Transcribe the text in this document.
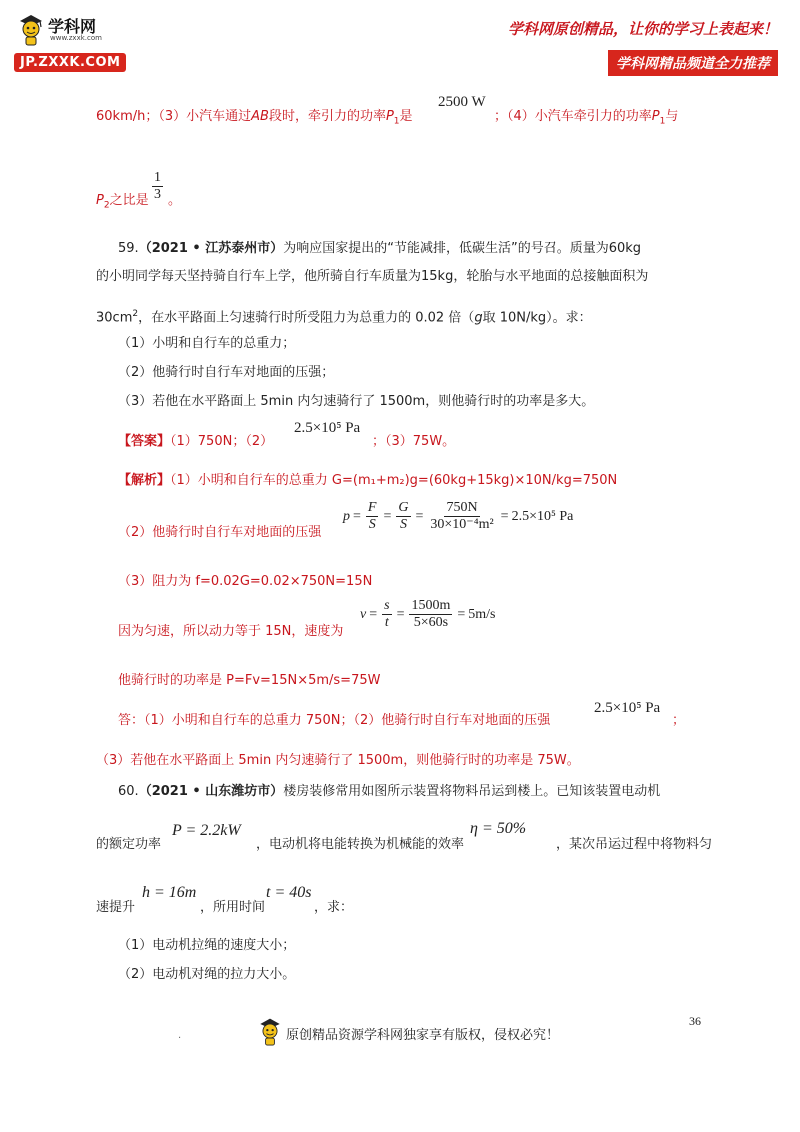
学科网
www.zxxk.com
JP.ZXXK.COM
学科网原创精品，让你的学习上表起来！
学科网精品频道全力推荐
60km/h；（3）小汽车通过AB段时，牵引力的功率$P_1$是
2500 W
；（4）小汽车牵引力的功率$P_1$与
$P_2$之比是 $\frac{1}{3}$ 。
59.（2021 • 江苏泰州市）为响应国家提出的“节能减排，低碳生活”的号召。质量为60kg
的小明同学每天坚持骑自行车上学，他所骑自行车质量为15kg，轮胎与水平地面的总接触面积为
$30cm^2$，在水平路面上匀速骑行时所受阻力为总重力的 0.02 倍（g取 10N/kg）。求：
（1）小明和自行车的总重力；
（2）他骑行时自行车对地面的压强；
（3）若他在水平路面上 5min 内匀速骑行了 1500m，则他骑行时的功率是多大。
【答案】（1）750N；（2）
2.5×10⁵ Pa
；（3）75W。
【解析】（1）小明和自行车的总重力 G=(m₁+m₂)g=(60kg+15kg)×10N/kg=750N
（2）他骑行时自行车对地面的压强
$p = \frac{F}{S} = \frac{G}{S} = \frac{750N}{\text{30×10⁻⁴m²}} = 2.5\times 10^5$ Pa
（3）阻力为 f=0.02G=0.02×750N=15N
因为匀速，所以动力等于 15N，速度为
$v = \frac{s}{t} = \frac{1500m}{5\times 60s} = 5m/s$
他骑行时的功率是 P=Fv=15N×5m/s=75W
答：（1）小明和自行车的总重力 750N；（2）他骑行时自行车对地面的压强
2.5×10⁵ Pa
；
（3）若他在水平路面上 5min 内匀速骑行了 1500m，则他骑行时的功率是 75W。
60.（2021 • 山东潍坊市）楼房装修常用如图所示装置将物料吊运到楼上。已知该装置电动机
的额定功率
P = 2.2kW
，电动机将电能转换为机械能的效率
η = 50%
，某次吊运过程中将物料匀
速提升
h = 16m
，所用时间
t = 40s
，求：
（1）电动机拉绳的速度大小；
（2）电动机对绳的拉力大小。
36
.	原创精品资源学科网独家享有版权，侵权必究！
